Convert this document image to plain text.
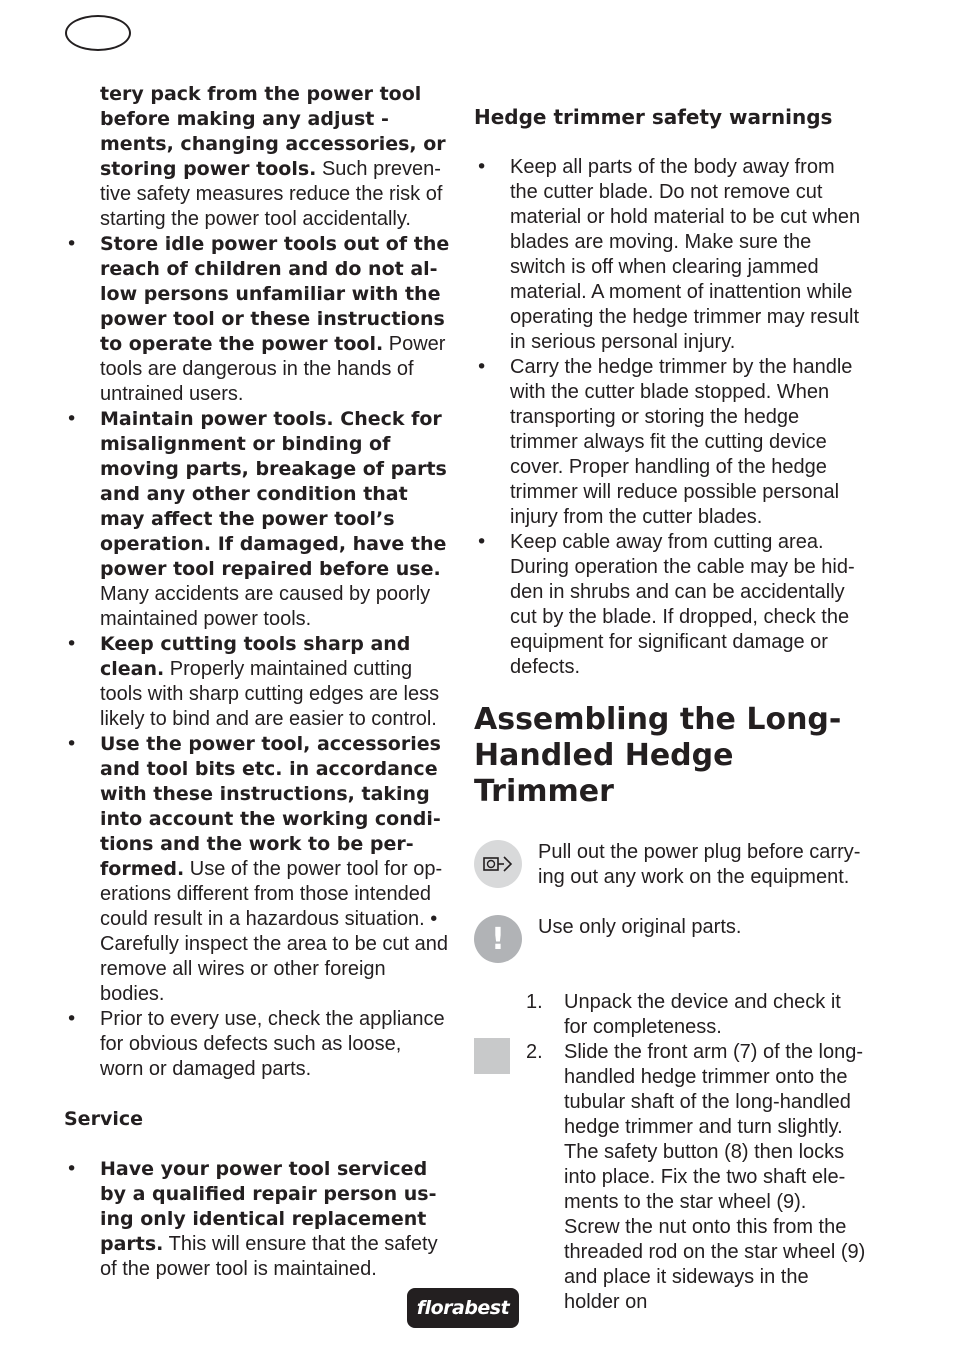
tery pack from the power tool before making any adjust -ments, changing accessories, or storing power tools. Such preven- tive safety measures reduce the risk of starting the power tool accidentally.

• Store idle power tools out of the reach of children and do not al- low persons unfamiliar with the power tool or these instructions to operate the power tool. Power tools are dangerous in the hands of untrained users.

• Maintain power tools. Check for misalignment or binding of moving parts, breakage of parts and any other condition that may affect the power tool’s operation. If damaged, have the power tool repaired before use. Many accidents are caused by poorly maintained power tools.

• Keep cutting tools sharp and clean. Properly maintained cutting tools with sharp cutting edges are less likely to bind and are easier to control.

• Use the power tool, accessories and tool bits etc. in accordance with these instructions, taking into account the working condi- tions and the work to be per- formed. Use of the power tool for op- erations different from those intended could result in a hazardous situation. • Carefully inspect the area to be cut and remove all wires or other foreign bodies.

• Prior to every use, check the appliance for obvious defects such as loose, worn or damaged parts.

Service

• Have your power tool serviced by a qualified repair person us- ing only identical replacement parts. This will ensure that the safety of the power tool is maintained.

Hedge trimmer safety warnings

• Keep all parts of the body away from the cutter blade. Do not remove cut material or hold material to be cut when blades are moving. Make sure the switch is off when clearing jammed material. A moment of inattention while operating the hedge trimmer may result in serious personal injury.

• Carry the hedge trimmer by the handle with the cutter blade stopped. When transporting or storing the hedge trimmer always fit the cutting device cover. Proper handling of the hedge trimmer will reduce possible personal injury from the cutter blades.

• Keep cable away from cutting area. During operation the cable may be hid- den in shrubs and can be accidentally cut by the blade. If dropped, check the equipment for significant damage or defects.

Assembling the Long-Handled Hedge Trimmer
Pull out the power plug before carry- ing out any work on the equipment.
!	Use only original parts.
1. Unpack the device and check it for completeness.
2. Slide the front arm (7) of the long- handled hedge trimmer onto the tubular shaft of the long-handled hedge trimmer and turn slightly. The safety button (8) then locks into place. Fix the two shaft ele- ments to the star wheel (9). Screw the nut onto this from the threaded rod on the star wheel (9) and place it sideways in the holder on
florabest
